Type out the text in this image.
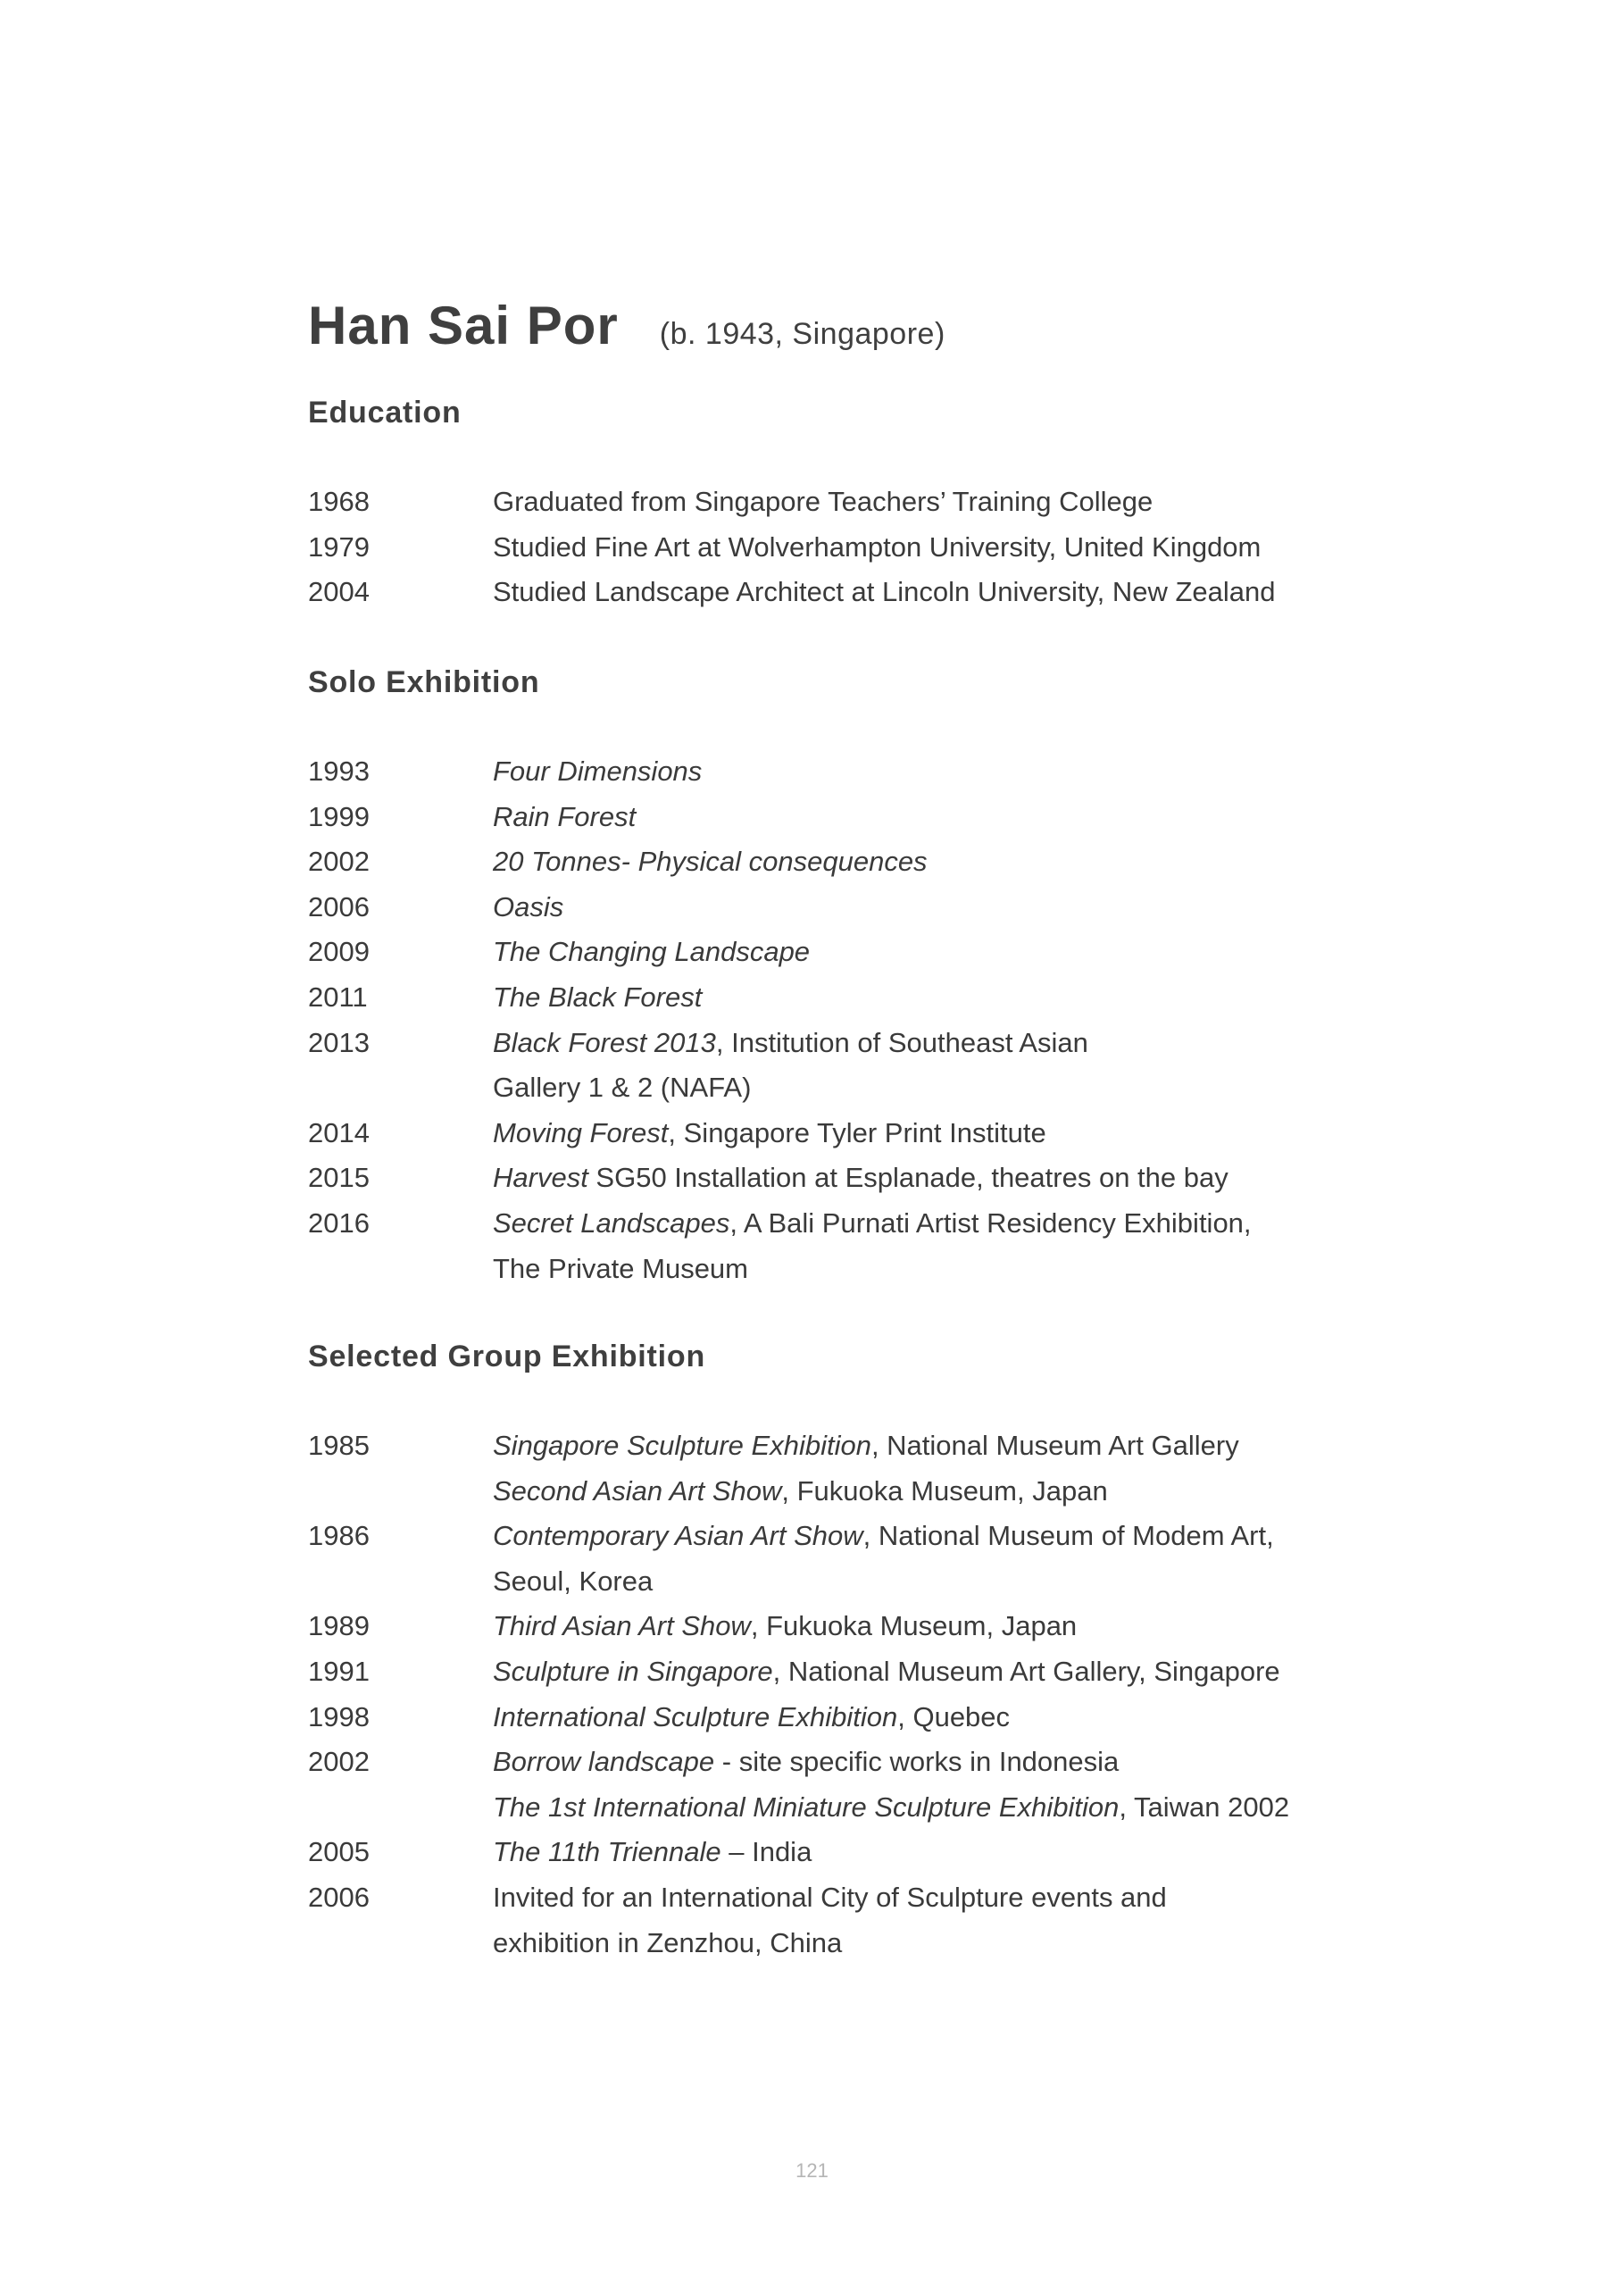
Han Sai Por (b. 1943, Singapore)
Education
1968	Graduated from Singapore Teachers’ Training College
1979	Studied Fine Art at Wolverhampton University, United Kingdom
2004	Studied Landscape Architect at Lincoln University, New Zealand
Solo Exhibition
1993	Four Dimensions
1999	Rain Forest
2002	20 Tonnes- Physical consequences
2006	Oasis
2009	The Changing Landscape
2011	The Black Forest
2013	Black Forest 2013, Institution of Southeast Asian
Gallery 1 & 2 (NAFA)
2014	Moving Forest, Singapore Tyler Print Institute
2015	Harvest SG50 Installation at Esplanade, theatres on the bay
2016	Secret Landscapes, A Bali Purnati Artist Residency Exhibition,
The Private Museum
Selected Group Exhibition
1985	Singapore Sculpture Exhibition, National Museum Art Gallery
Second Asian Art Show, Fukuoka Museum, Japan
1986	Contemporary Asian Art Show, National Museum of Modem Art,
Seoul, Korea
1989	Third Asian Art Show, Fukuoka Museum, Japan
1991	Sculpture in Singapore, National Museum Art Gallery, Singapore
1998	International Sculpture Exhibition, Quebec
2002	Borrow landscape - site specific works in Indonesia
The 1st International Miniature Sculpture Exhibition, Taiwan 2002
2005	The 11th Triennale – India
2006	Invited for an International City of Sculpture events and
exhibition in Zenzhou, China
121
